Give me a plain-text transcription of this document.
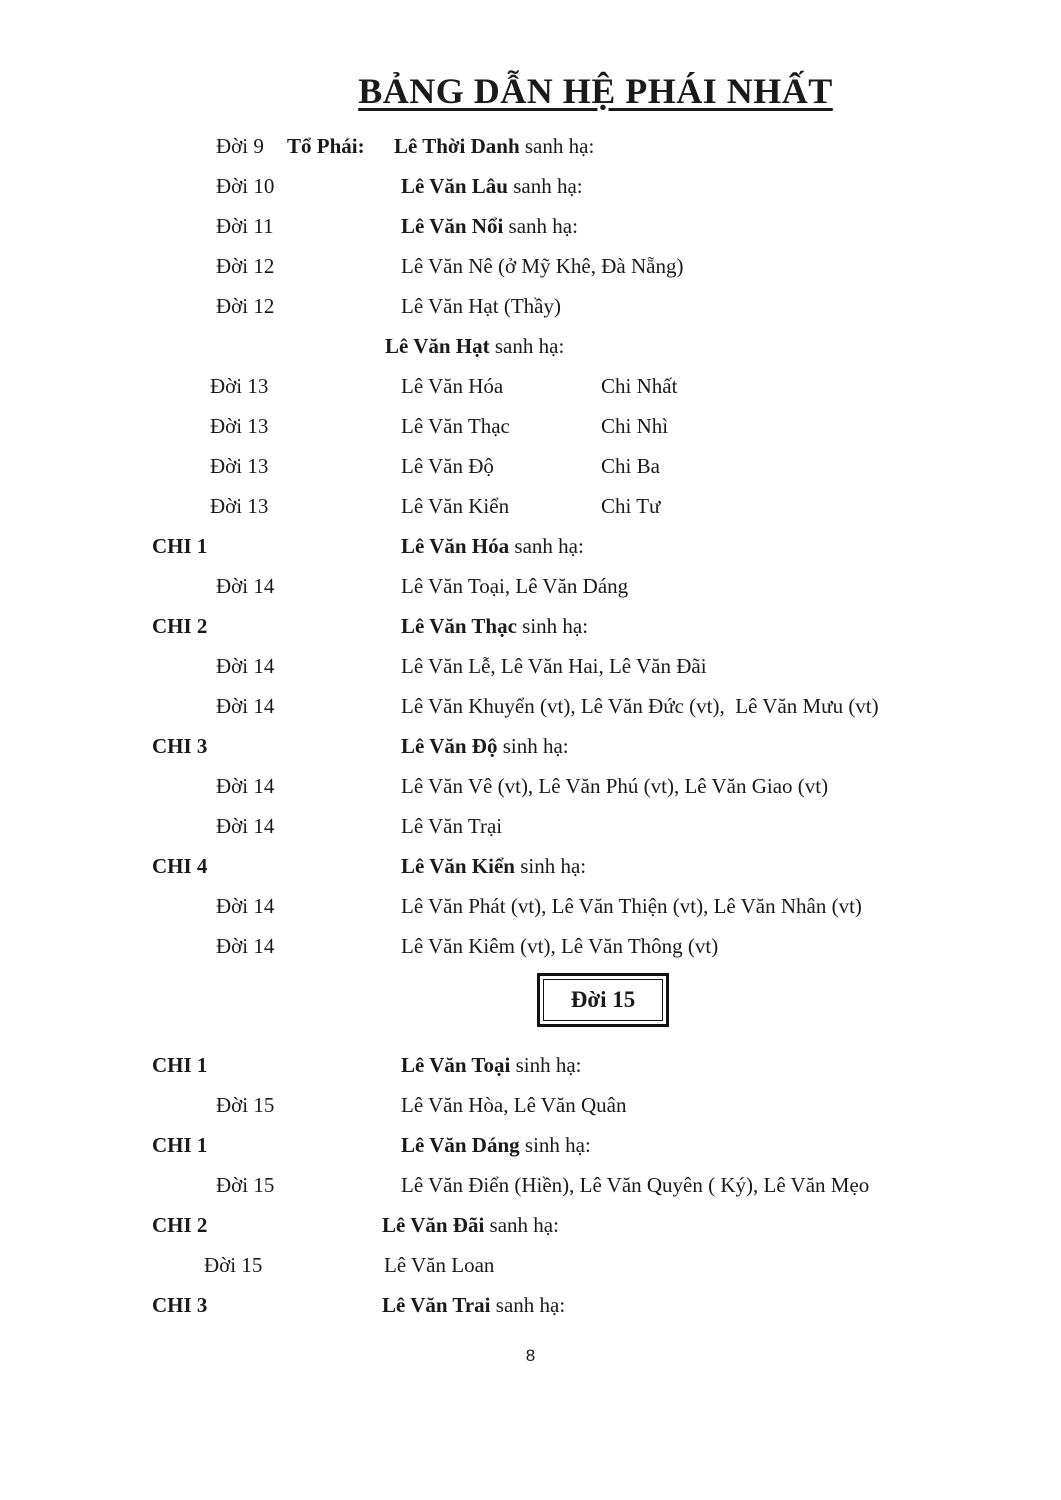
BẢNG DẪN HỆ PHÁI NHẤT
Đời 9 Tổ Phái: Lê Thời Danh sanh hạ:
Đời 10	Lê Văn Lâu sanh hạ:
Đời 11	Lê Văn Nổi sanh hạ:
Đời 12	Lê Văn Nê (ở Mỹ Khê, Đà Nẵng)
Đời 12	Lê Văn Hạt (Thầy)
Lê Văn Hạt sanh hạ:
Đời 13	Lê Văn Hóa	Chi Nhất
Đời 13	Lê Văn Thạc	Chi Nhì
Đời 13	Lê Văn Độ	Chi Ba
Đời 13	Lê Văn Kiển	Chi Tư
CHI 1	Lê Văn Hóa sanh hạ:
Đời 14	Lê Văn Toại, Lê Văn Dáng
CHI 2	Lê Văn Thạc sinh hạ:
Đời 14	Lê Văn Lễ, Lê Văn Hai, Lê Văn Đãi
Đời 14	Lê Văn Khuyển (vt), Lê Văn Đức (vt),  Lê Văn Mưu (vt)
CHI 3	Lê Văn Độ sinh hạ:
Đời 14	Lê Văn Vê (vt), Lê Văn Phú (vt), Lê Văn Giao (vt)
Đời 14	Lê Văn Trại
CHI 4	Lê Văn Kiển sinh hạ:
Đời 14	Lê Văn Phát (vt), Lê Văn Thiện (vt), Lê Văn Nhân (vt)
Đời 14	Lê Văn Kiêm (vt), Lê Văn Thông (vt)
Đời 15
CHI 1	Lê Văn Toại sinh hạ:
Đời 15	Lê Văn Hòa, Lê Văn Quân
CHI 1	Lê Văn Dáng sinh hạ:
Đời 15	Lê Văn Điển (Hiền), Lê Văn Quyên ( Ký), Lê Văn Mẹo
CHI 2	Lê Văn Đãi sanh hạ:
Đời 15	Lê Văn Loan
CHI 3	Lê Văn Trai sanh hạ:
8
